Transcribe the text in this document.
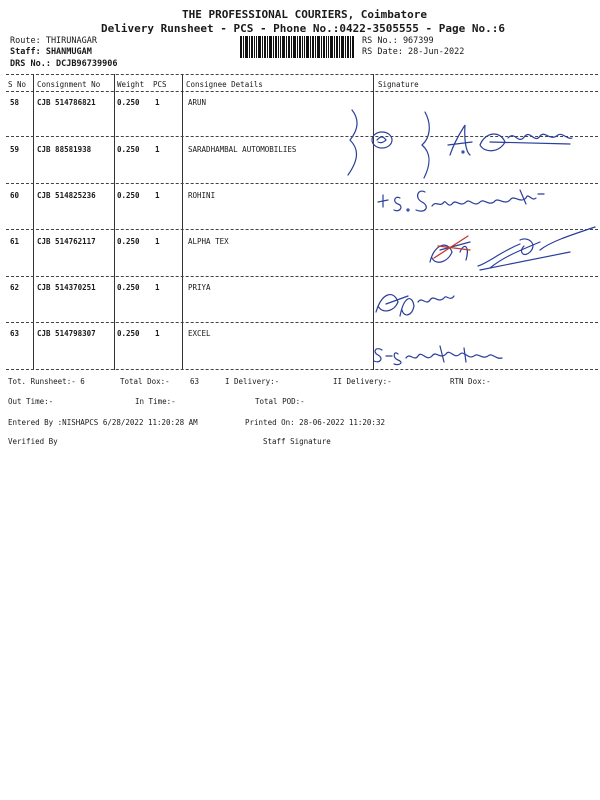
THE PROFESSIONAL COURIERS, Coimbatore
Delivery Runsheet - PCS - Phone No.:0422-3505555 - Page No.:6
Route: THIRUNAGAR
Staff: SHANMUGAM
DRS No.: DCJB96739906
RS No.: 967399
RS Date: 28-Jun-2022
S No Consignment No Weight PCS	Consignee Details	Signature
58 CJB 514786821	0.250 1	ARUN
59 CJB 88581938	0.250 1	SARADHAMBAL AUTOMOBILIES
60 CJB 514825236	0.250 1	ROHINI
61 CJB 514762117	0.250 1	ALPHA TEX
62 CJB 514370251	0.250 1	PRIYA
63 CJB 514798307	0.250 1	EXCEL
Tot. Runsheet:- 6	Total Dox:-	63	I Delivery:-	II Delivery:-	RTN Dox:-
Out Time:-	In Time:-	Total POD:-
Entered By :NISHAPCS 6/28/2022 11:20:28 AM	Printed On: 28-06-2022 11:20:32
Verified By	Staff Signature
